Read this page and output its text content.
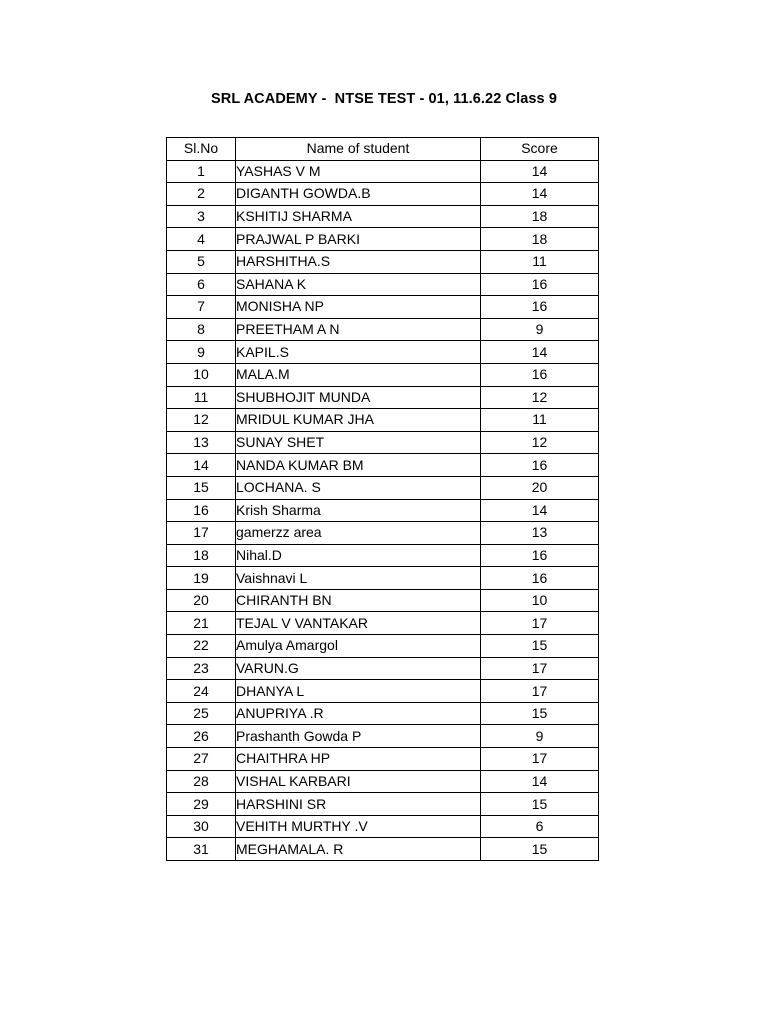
SRL ACADEMY -  NTSE TEST - 01, 11.6.22 Class 9
Sl.No	Name of student	Score
1	YASHAS V M	14
2	DIGANTH GOWDA.B	14
3	KSHITIJ SHARMA	18
4	PRAJWAL P BARKI	18
5	HARSHITHA.S	11
6	SAHANA K	16
7	MONISHA NP	16
8	PREETHAM A N	9
9	KAPIL.S	14
10	MALA.M	16
11	SHUBHOJIT MUNDA	12
12	MRIDUL KUMAR JHA	11
13	SUNAY SHET	12
14	NANDA KUMAR BM	16
15	LOCHANA. S	20
16	Krish Sharma	14
17	gamerzz area	13
18	Nihal.D	16
19	Vaishnavi L	16
20	CHIRANTH BN	10
21	TEJAL V VANTAKAR	17
22	Amulya Amargol	15
23	VARUN.G	17
24	DHANYA L	17
25	ANUPRIYA .R	15
26	Prashanth Gowda P	9
27	CHAITHRA HP	17
28	VISHAL KARBARI	14
29	HARSHINI SR	15
30	VEHITH MURTHY .V	6
31	MEGHAMALA. R	15
